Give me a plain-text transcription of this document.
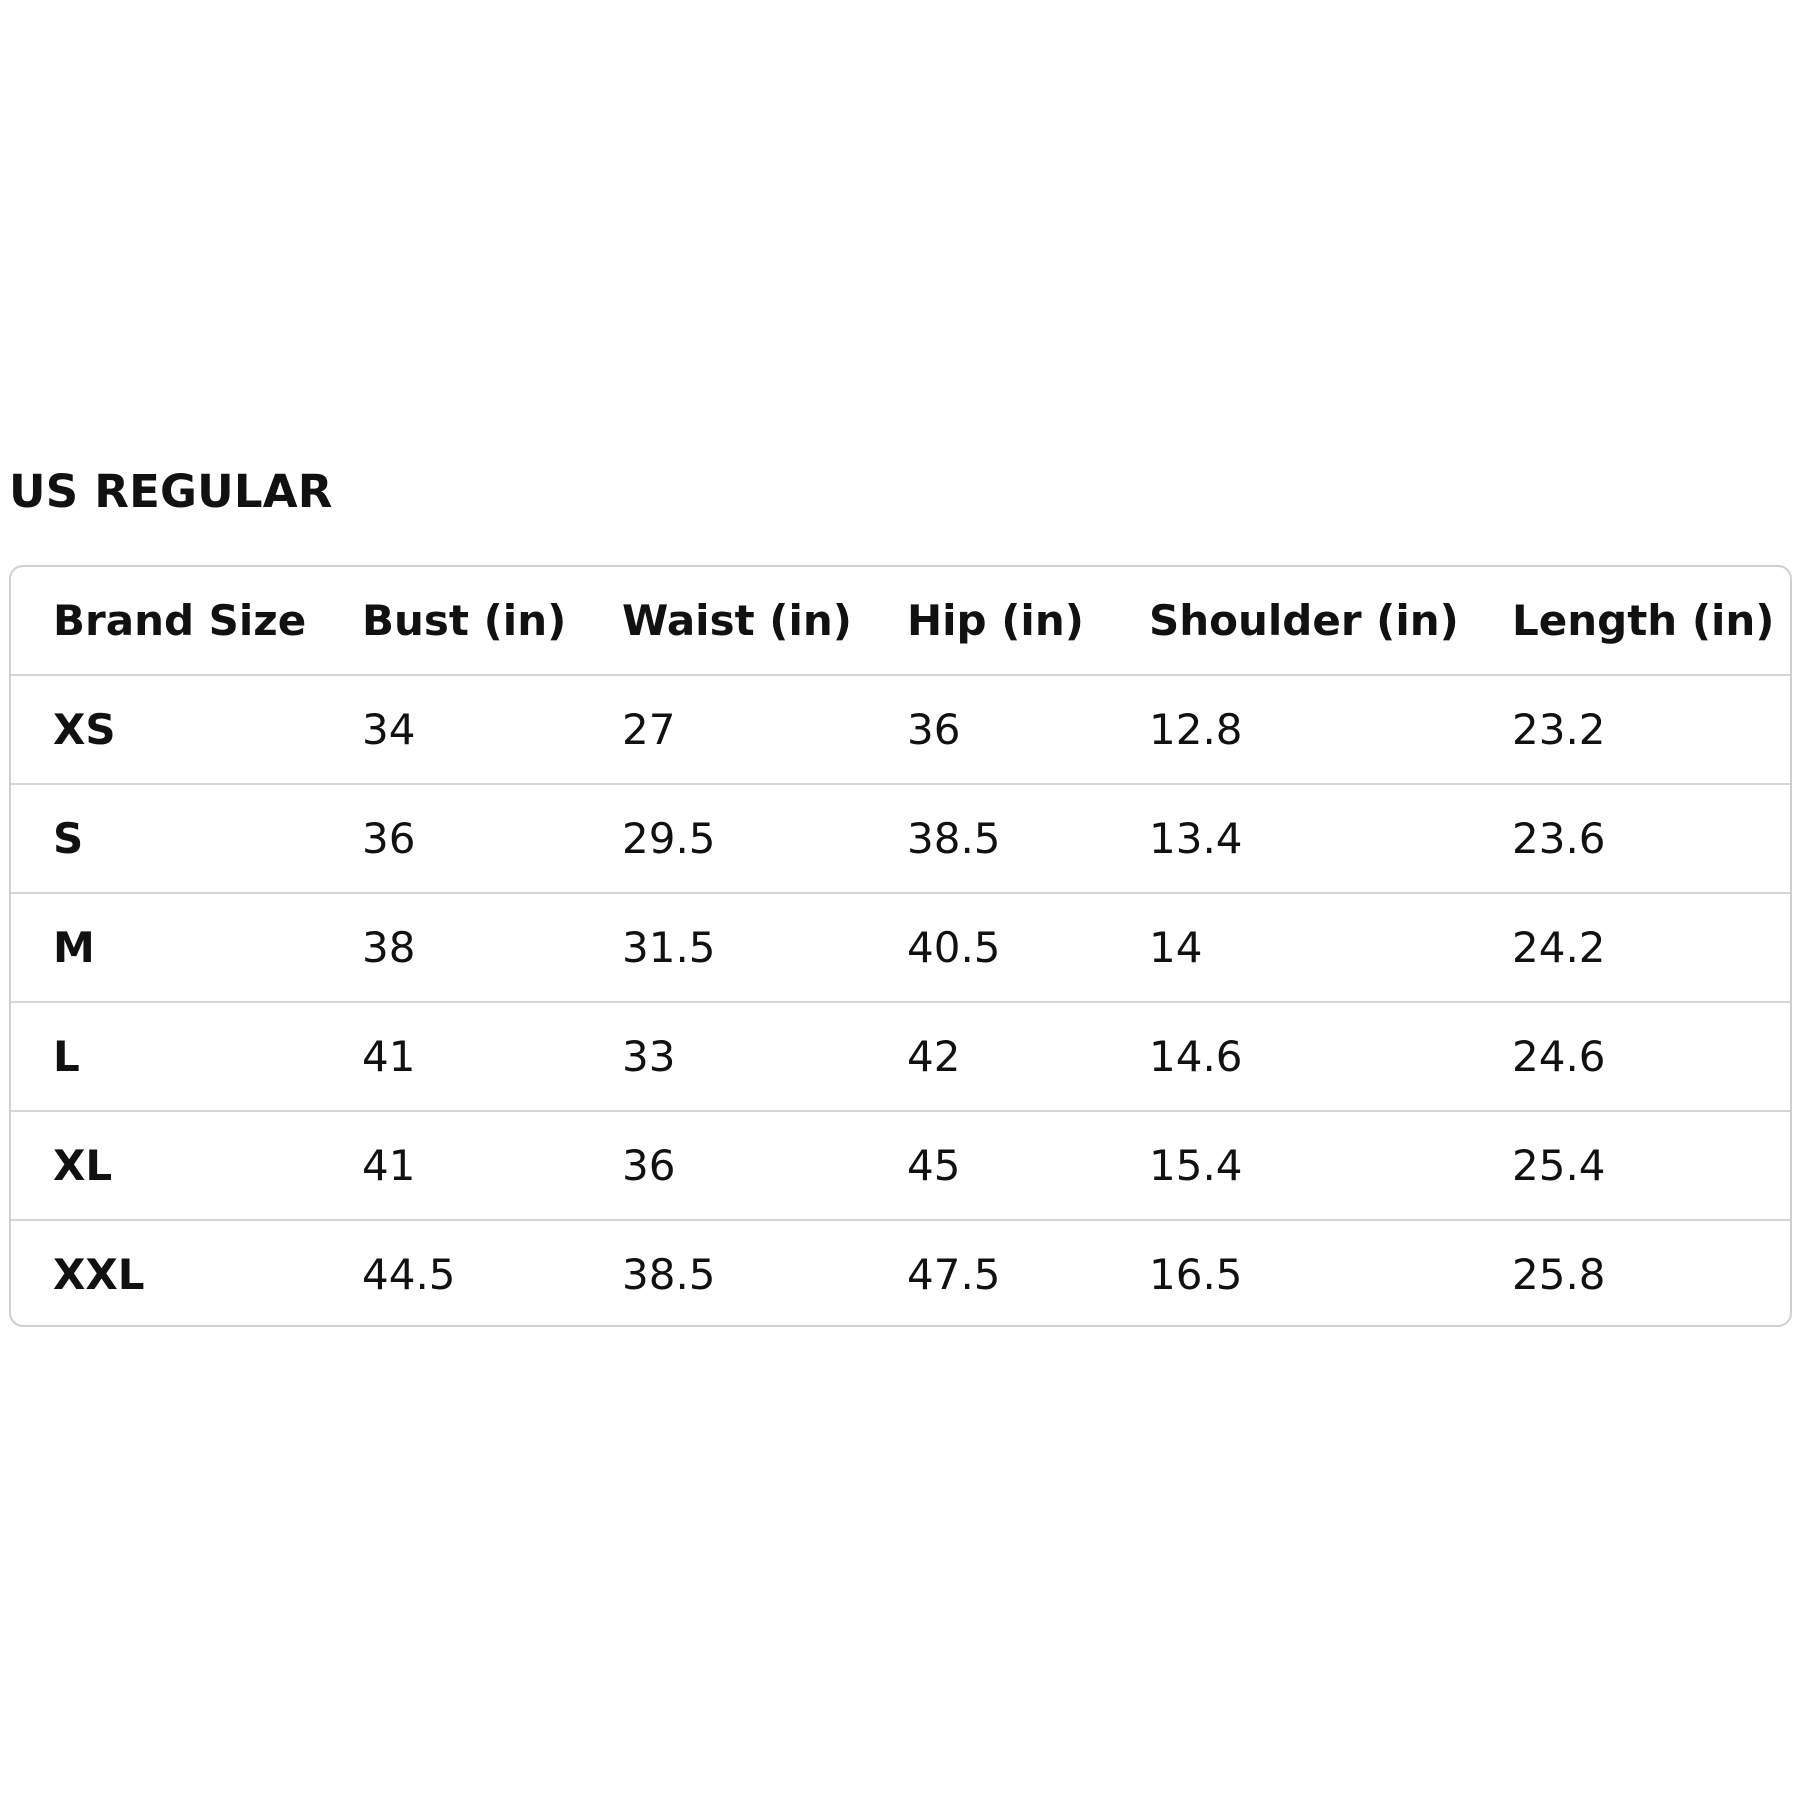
US REGULAR
Brand Size	Bust (in)	Waist (in)	Hip (in)	Shoulder (in)	Length (in)
XS	34	27	36	12.8	23.2
S	36	29.5	38.5	13.4	23.6
M	38	31.5	40.5	14	24.2
L	41	33	42	14.6	24.6
XL	41	36	45	15.4	25.4
XXL	44.5	38.5	47.5	16.5	25.8
